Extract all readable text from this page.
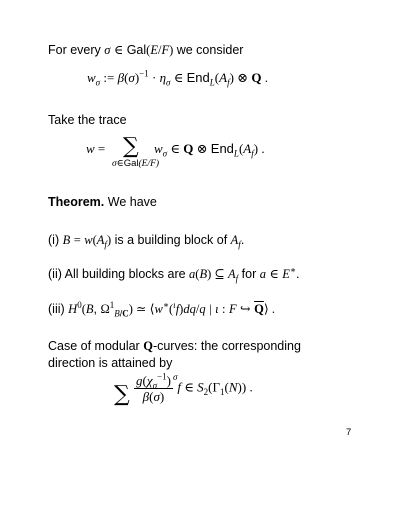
For every σ ∈ Gal(E/F) we consider
$w_\sigma$ := $\beta(\sigma)^{-1} \cdot \eta_\sigma$ ∈ $End_L(A_f)$ ⊗ Q .
Take the trace
w = ∑
σ∈Gal(E/F)
$w_\sigma$ ∈ Q ⊗ $End_L(A_f)$ .
Theorem. We have
(i) $B = w(A_f)$ is a building block of $A_f$.
(ii) All building blocks are a(B) ⊆ $A_f$ for a ∈ E∗.
(iii) $H^0(B$, $\Omega^1_{B/C}$) ≃ ⟨w∗($^\iota$f)dq/q | ι : F ↪ $\overline{Q}⟩$ .
Case of modular Q-curves: the corresponding
direction is attained by
∑ $\frac{g(\chi_\sigma^{-1})}{\beta(\sigma)} ^\sigma f$ ∈ $S_2(\Gamma_1(N))$ .
7
